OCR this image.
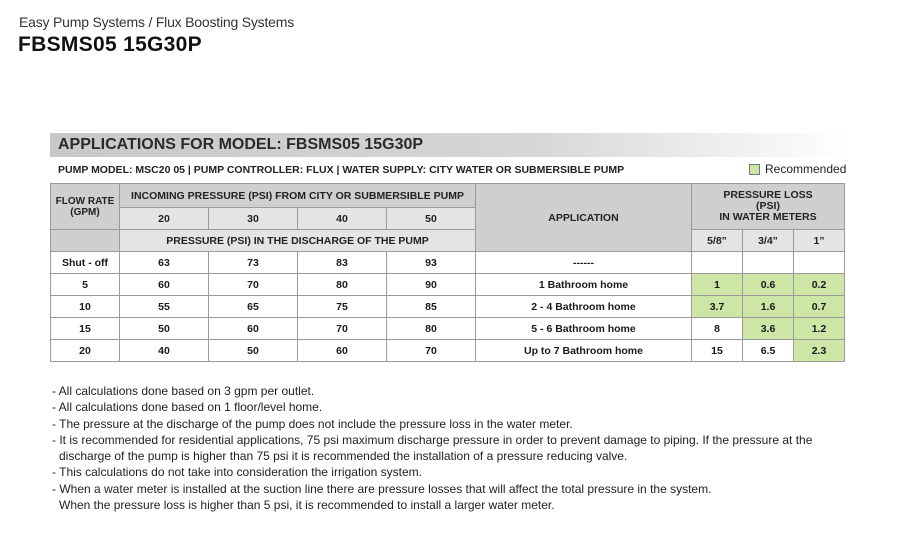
Easy Pump Systems / Flux Boosting Systems
FBSMS05 15G30P
APPLICATIONS FOR MODEL: FBSMS05 15G30P
PUMP MODEL: MSC20 05 | PUMP CONTROLLER: FLUX | WATER SUPPLY: CITY WATER OR SUBMERSIBLE PUMP	Recommended
FLOW RATE (GPM)	INCOMING PRESSURE (PSI) FROM CITY OR SUBMERSIBLE PUMP				APPLICATION	PRESSURE LOSS
(PSI)
IN WATER METERS		

	20	30	40	50				
	PRESSURE (PSI) IN THE DISCHARGE OF THE PUMP					5/8”	3/4”	1”
Shut - off	63	73	83	93	------			
5	60	70	80	90	1 Bathroom home	1	0.6	0.2
10	55	65	75	85	2 - 4 Bathroom home	3.7	1.6	0.7
15	50	60	70	80	5 - 6 Bathroom home	8	3.6	1.2
20	40	50	60	70	Up to 7 Bathroom home	15	6.5	2.3
- All calculations done based on 3 gpm per outlet.
- All calculations done based on 1 floor/level home.
- The pressure at the discharge of the pump does not include the pressure loss in the water meter.
- It is recommended for residential applications, 75 psi maximum discharge pressure in order to prevent damage to piping. If the pressure at the
discharge of the pump is higher than 75 psi it is recommended the installation of a pressure reducing valve.
- This calculations do not take into consideration the irrigation system.
- When a water meter is installed at the suction line there are pressure losses that will affect the total pressure in the system.
When the pressure loss is higher than 5 psi, it is recommended to install a larger water meter.
